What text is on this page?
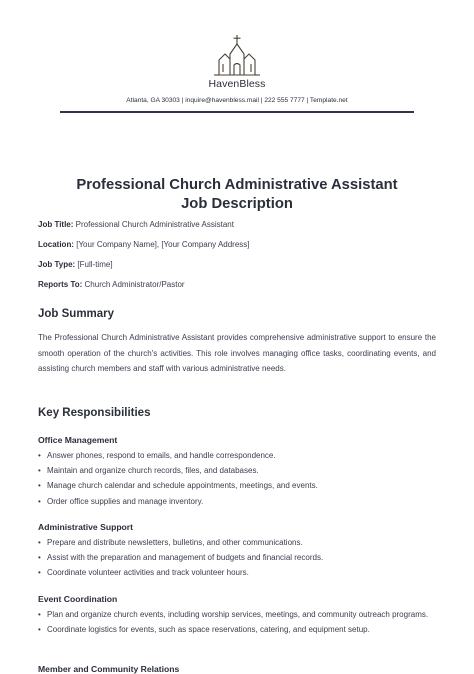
HavenBless
Atlanta, GA 30303 | inquire@havenbless.mail | 222 555 7777 | Template.net
Professional Church Administrative Assistant
Job Description
Job Title: Professional Church Administrative Assistant
Location: [Your Company Name], [Your Company Address]
Job Type: [Full-time]
Reports To: Church Administrator/Pastor
Job Summary
The Professional Church Administrative Assistant provides comprehensive administrative support to ensure the smooth operation of the church's activities. This role involves managing office tasks, coordinating events, and assisting church members and staff with various administrative needs.
Key Responsibilities
Office Management
• Answer phones, respond to emails, and handle correspondence.
• Maintain and organize church records, files, and databases.
• Manage church calendar and schedule appointments, meetings, and events.
• Order office supplies and manage inventory.
Administrative Support
• Prepare and distribute newsletters, bulletins, and other communications.
• Assist with the preparation and management of budgets and financial records.
• Coordinate volunteer activities and track volunteer hours.
Event Coordination
• Plan and organize church events, including worship services, meetings, and community outreach programs.
• Coordinate logistics for events, such as space reservations, catering, and equipment setup.
Member and Community Relations
